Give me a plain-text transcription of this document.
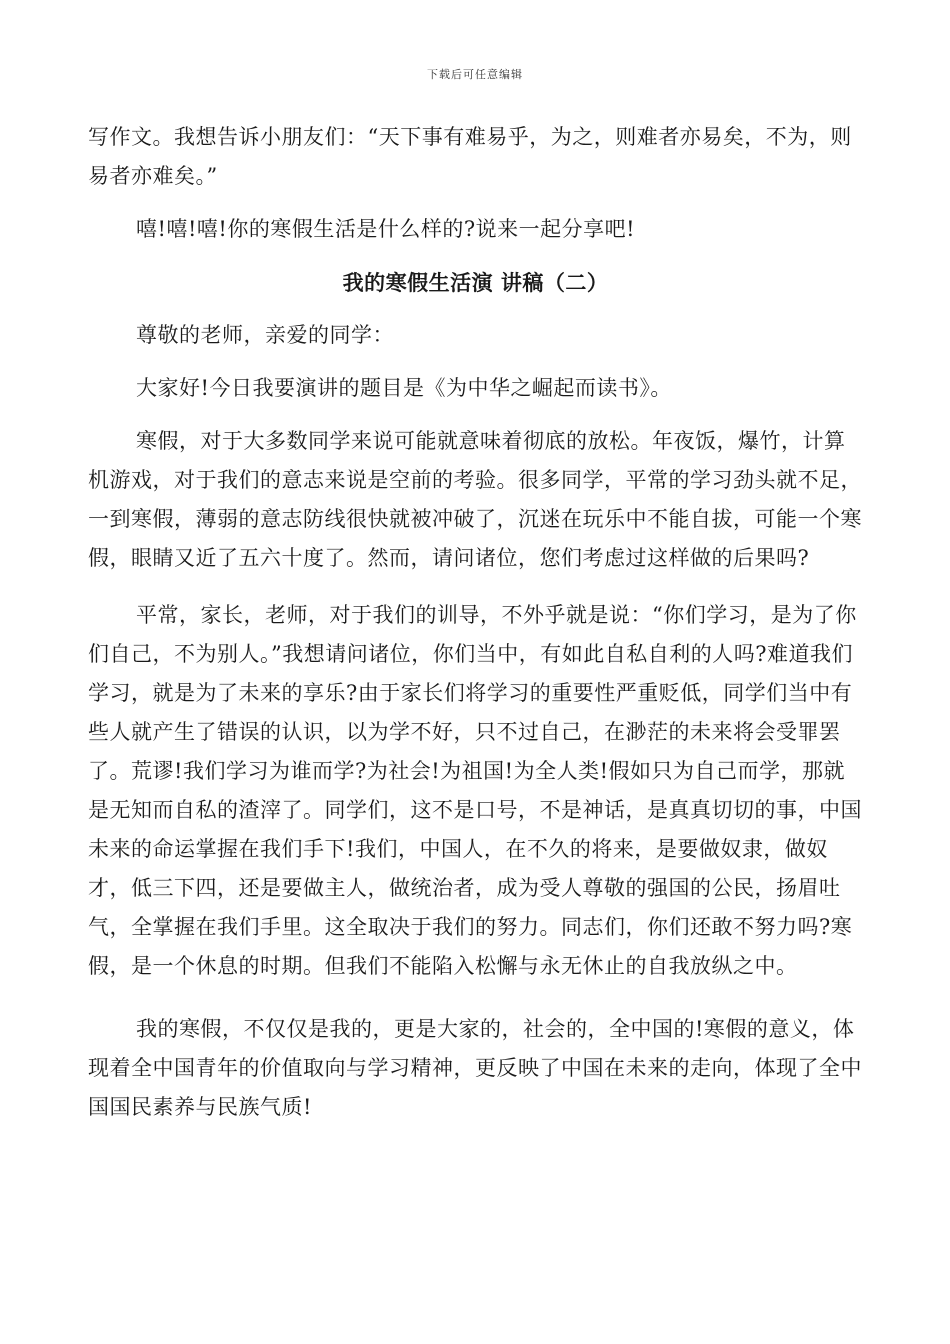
下载后可任意编辑

写作文。我想告诉小朋友们：“天下事有难易乎，为之，则难者亦易矣，不为，则易者亦难矣。”

嘻!嘻!嘻!你的寒假生活是什么样的?说来一起分享吧!

我的寒假生活演 讲稿（二）

尊敬的老师，亲爱的同学：

大家好!今日我要演讲的题目是《为中华之崛起而读书》。

寒假，对于大多数同学来说可能就意味着彻底的放松。年夜饭，爆竹，计算机游戏，对于我们的意志来说是空前的考验。很多同学，平常的学习劲头就不足，一到寒假，薄弱的意志防线很快就被冲破了，沉迷在玩乐中不能自拔，可能一个寒假，眼睛又近了五六十度了。然而，请问诸位，您们考虑过这样做的后果吗?

平常，家长，老师，对于我们的训导，不外乎就是说：“你们学习，是为了你们自己，不为别人。”我想请问诸位，你们当中，有如此自私自利的人吗?难道我们学习，就是为了未来的享乐?由于家长们将学习的重要性严重贬低，同学们当中有些人就产生了错误的认识，以为学不好，只不过自己，在渺茫的未来将会受罪罢了。荒谬!我们学习为谁而学?为社会!为祖国!为全人类!假如只为自己而学，那就是无知而自私的渣滓了。同学们，这不是口号，不是神话，是真真切切的事，中国未来的命运掌握在我们手下!我们，中国人，在不久的将来，是要做奴隶，做奴才，低三下四，还是要做主人，做统治者，成为受人尊敬的强国的公民，扬眉吐气，全掌握在我们手里。这全取决于我们的努力。同志们，你们还敢不努力吗?寒假，是一个休息的时期。但我们不能陷入松懈与永无休止的自我放纵之中。

我的寒假，不仅仅是我的，更是大家的，社会的，全中国的!寒假的意义，体现着全中国青年的价值取向与学习精神，更反映了中国在未来的走向，体现了全中国国民素养与民族气质!
